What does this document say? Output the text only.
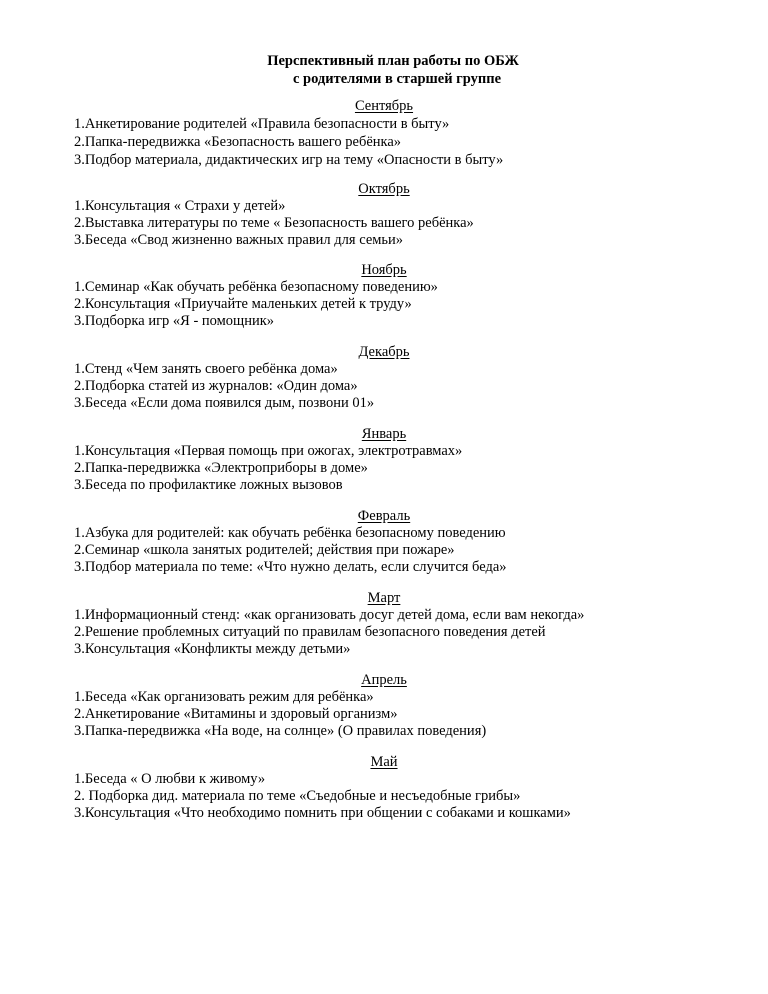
Перспективный план работы по ОБЖ
с родителями в старшей группе
Сентябрь
1.Анкетирование родителей «Правила безопасности в быту»
2.Папка-передвижка «Безопасность вашего ребёнка»
3.Подбор материала, дидактических игр на тему «Опасности в быту»
Октябрь
1.Консультация « Страхи у детей»
2.Выставка литературы по теме « Безопасность вашего ребёнка»
3.Беседа «Свод жизненно важных правил для семьи»
Ноябрь
1.Семинар «Как обучать ребёнка безопасному поведению»
2.Консультация «Приучайте маленьких детей к труду»
3.Подборка игр «Я - помощник»
Декабрь
1.Стенд «Чем занять своего ребёнка дома»
2.Подборка статей из журналов: «Один дома»
3.Беседа «Если дома появился дым, позвони 01»
Январь
1.Консультация «Первая помощь при ожогах, электротравмах»
2.Папка-передвижка «Электроприборы в доме»
3.Беседа по профилактике ложных вызовов
Февраль
1.Азбука для родителей: как обучать ребёнка безопасному поведению
2.Семинар «школа занятых родителей; действия при пожаре»
3.Подбор материала по теме: «Что нужно делать, если случится беда»
Март
1.Информационный стенд: «как организовать досуг детей дома, если вам некогда»
2.Решение проблемных ситуаций по правилам безопасного поведения детей
3.Консультация «Конфликты между детьми»
Апрель
1.Беседа «Как организовать режим для ребёнка»
2.Анкетирование «Витамины и здоровый организм»
3.Папка-передвижка «На воде, на солнце» (О правилах поведения)
Май
1.Беседа « О любви к живому»
2. Подборка дид. материала по теме «Съедобные и несъедобные грибы»
3.Консультация «Что необходимо помнить при общении с собаками и кошками»
